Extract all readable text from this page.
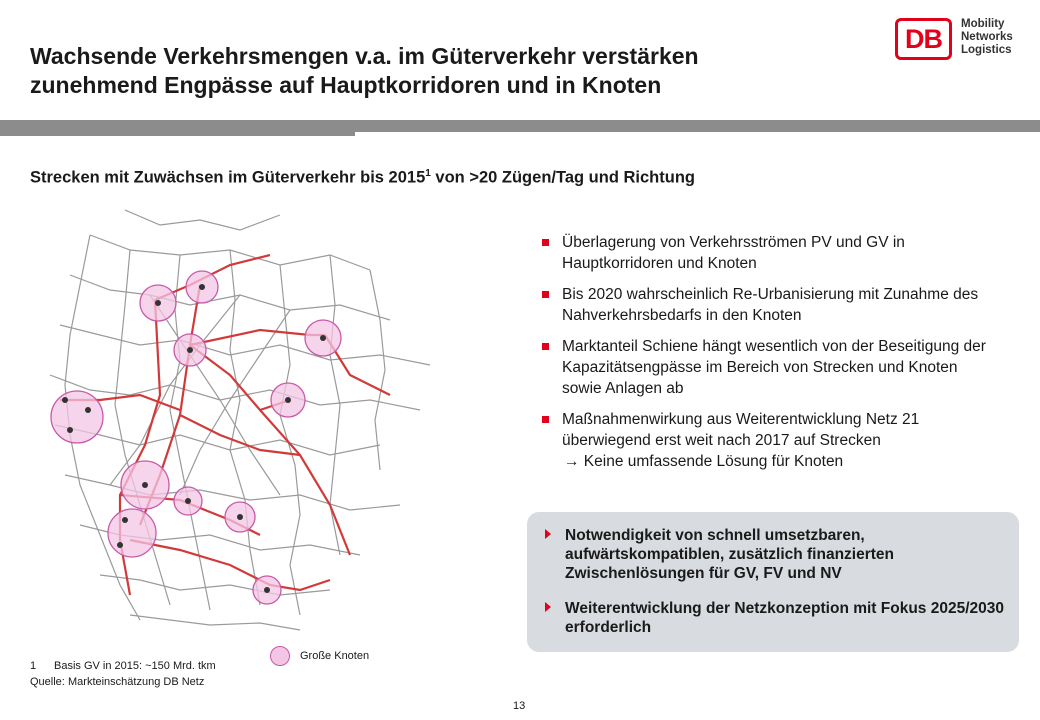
Wachsende Verkehrsmengen v.a. im Güterverkehr verstärken
zunehmend Engpässe auf Hauptkorridoren und in Knoten
DB Mobility
Networks
Logistics
Strecken mit Zuwächsen im Güterverkehr bis 2015$^1$ von >20 Zügen/Tag und Richtung
Überlagerung von Verkehrsströmen PV und GV in Hauptkorridoren und Knoten
Bis 2020 wahrscheinlich Re-Urbanisierung mit Zunahme des Nahverkehrsbedarfs in den Knoten
Marktanteil Schiene hängt wesentlich von der Beseitigung der Kapazitätsengpässe im Bereich von Strecken und Knoten sowie Anlagen ab
Maßnahmenwirkung aus Weiterentwicklung Netz 21 überwiegend erst weit nach 2017 auf Strecken
→ Keine umfassende Lösung für Knoten
Notwendigkeit von schnell umsetzbaren, aufwärtskompatiblen, zusätzlich finanzierten Zwischenlösungen für GV, FV und NV
Weiterentwicklung der Netzkonzeption mit Fokus 2025/2030 erforderlich
Große Knoten
1 Basis GV in 2015: ~150 Mrd. tkm
Quelle: Markteinschätzung DB Netz
13
